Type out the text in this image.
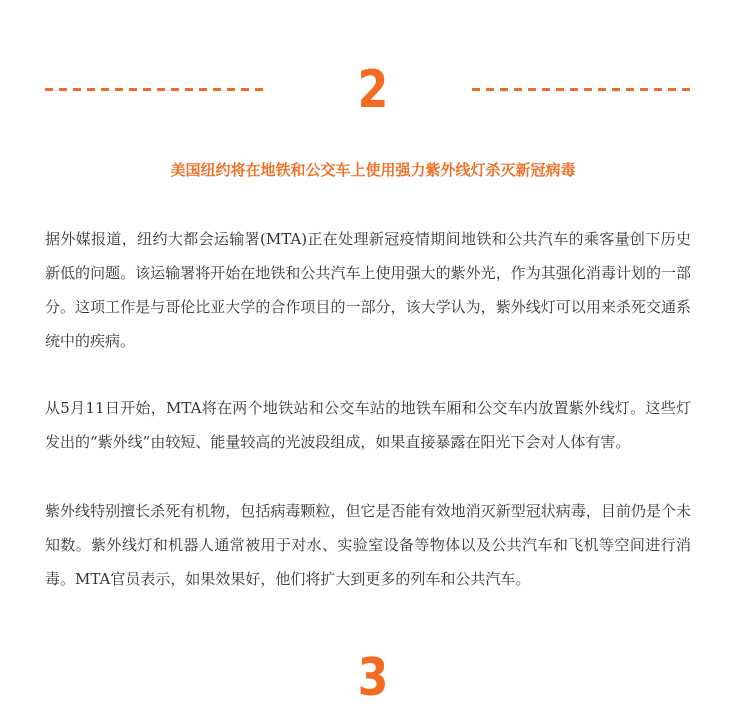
2
美国纽约将在地铁和公交车上使用强力紫外线灯杀灭新冠病毒

据外媒报道，纽约大都会运输署(MTA)正在处理新冠疫情期间地铁和公共汽车的乘客量创下历史新低的问题。该运输署将开始在地铁和公共汽车上使用强大的紫外光，作为其强化消毒计划的一部分。这项工作是与哥伦比亚大学的合作项目的一部分，该大学认为，紫外线灯可以用来杀死交通系统中的疾病。

从5月11日开始，MTA将在两个地铁站和公交车站的地铁车厢和公交车内放置紫外线灯。这些灯发出的“紫外线”由较短、能量较高的光波段组成，如果直接暴露在阳光下会对人体有害。

紫外线特别擅长杀死有机物，包括病毒颗粒，但它是否能有效地消灭新型冠状病毒，目前仍是个未知数。紫外线灯和机器人通常被用于对水、实验室设备等物体以及公共汽车和飞机等空间进行消毒。MTA官员表示，如果效果好，他们将扩大到更多的列车和公共汽车。

3
